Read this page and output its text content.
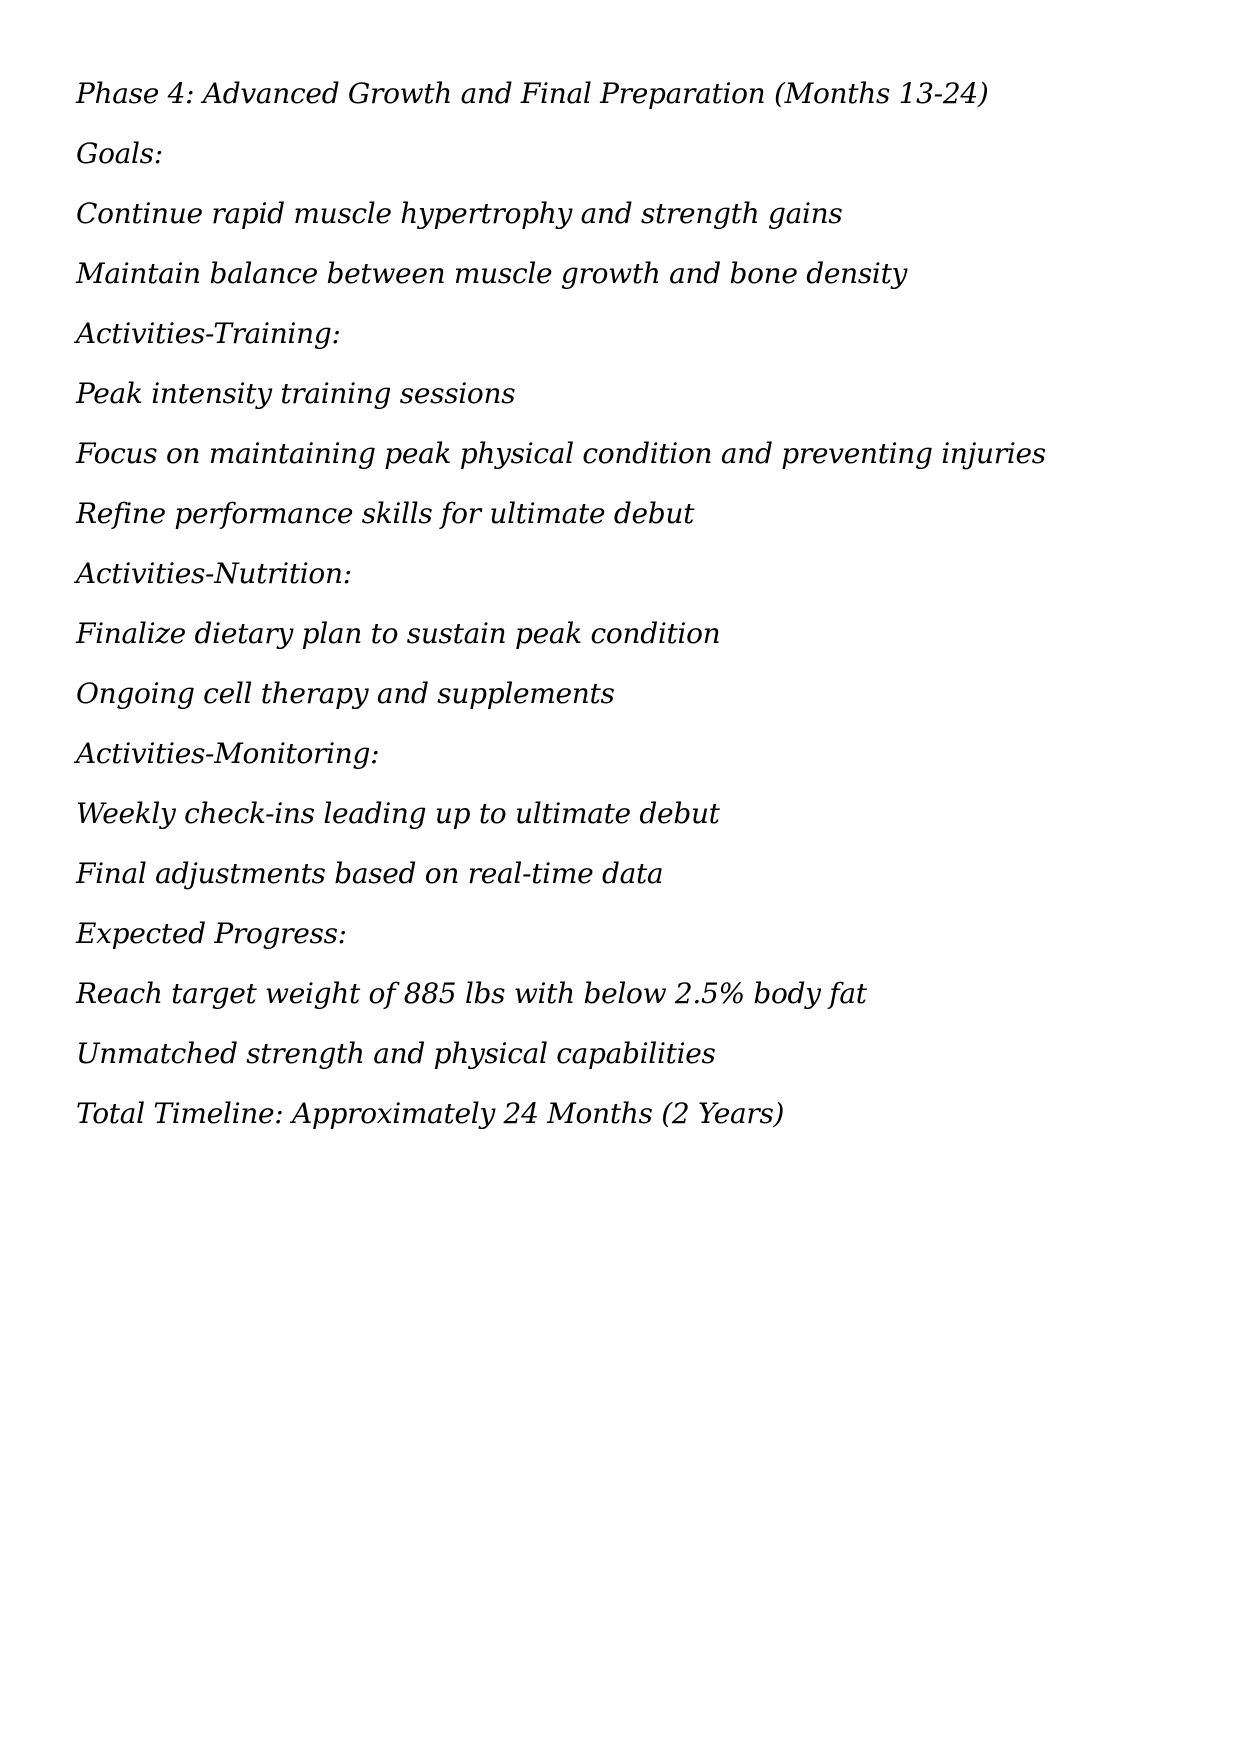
Phase 4: Advanced Growth and Final Preparation (Months 13-24)
Goals:
Continue rapid muscle hypertrophy and strength gains
Maintain balance between muscle growth and bone density
Activities-Training:
Peak intensity training sessions
Focus on maintaining peak physical condition and preventing injuries
Refine performance skills for ultimate debut
Activities-Nutrition:
Finalize dietary plan to sustain peak condition
Ongoing cell therapy and supplements
Activities-Monitoring:
Weekly check-ins leading up to ultimate debut
Final adjustments based on real-time data
Expected Progress:
Reach target weight of 885 lbs with below 2.5% body fat
Unmatched strength and physical capabilities
Total Timeline: Approximately 24 Months (2 Years)
